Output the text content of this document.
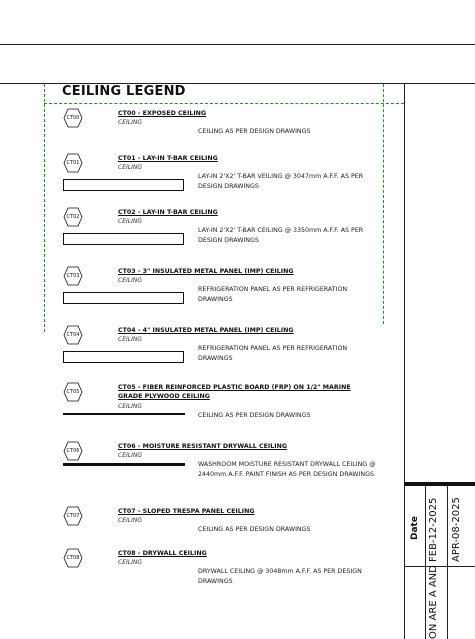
CEILING LEGEND
CT00
CT00 - EXPOSED CEILING
CEILING
CEILING AS PER DESIGN DRAWINGS
CT01
CT01 - LAY-IN T-BAR CEILING
CEILING
LAY-IN 2'X2' T-BAR VEILING @ 3047mm A.F.F. AS PER DESIGN DRAWINGS
CT02
CT02 - LAY-IN T-BAR CEILING
CEILING
LAY-IN 2'X2' T-BAR CEILING @ 3350mm A.F.F. AS PER DESIGN DRAWINGS
CT03
CT03 - 3" INSULATED METAL PANEL (IMP) CEILING
CEILING
REFRIGERATION PANEL AS PER REFRIGERATION DRAWINGS
CT04
CT04 - 4" INSULATED METAL PANEL (IMP) CEILING
CEILING
REFRIGERATION PANEL AS PER REFRIGERATION DRAWINGS
CT05
CT05 - FIBER REINFORCED PLASTIC BOARD (FRP) ON 1/2" MARINE GRADE PLYWOOD CEILING
CEILING
CEILING AS PER DESIGN DRAWINGS
CT06
CT06 - MOISTURE RESISTANT DRYWALL CEILING
CEILING
WASHROOM MOISTURE RESISTANT DRYWALL CEILING @ 2440mm A.F.F. PAINT FINISH AS PER DESIGN DRAWINGS
CT07
CT07 - SLOPED TRESPA PANEL CEILING
CEILING
CEILING AS PER DESIGN DRAWINGS
CT08
CT08 - DRYWALL CEILING
CEILING
DRYWALL CEILING @ 3048mm A.F.F. AS PER DESIGN DRAWINGS
Date FEB-12-2025 APR-08-2025
ON ARE A AND
